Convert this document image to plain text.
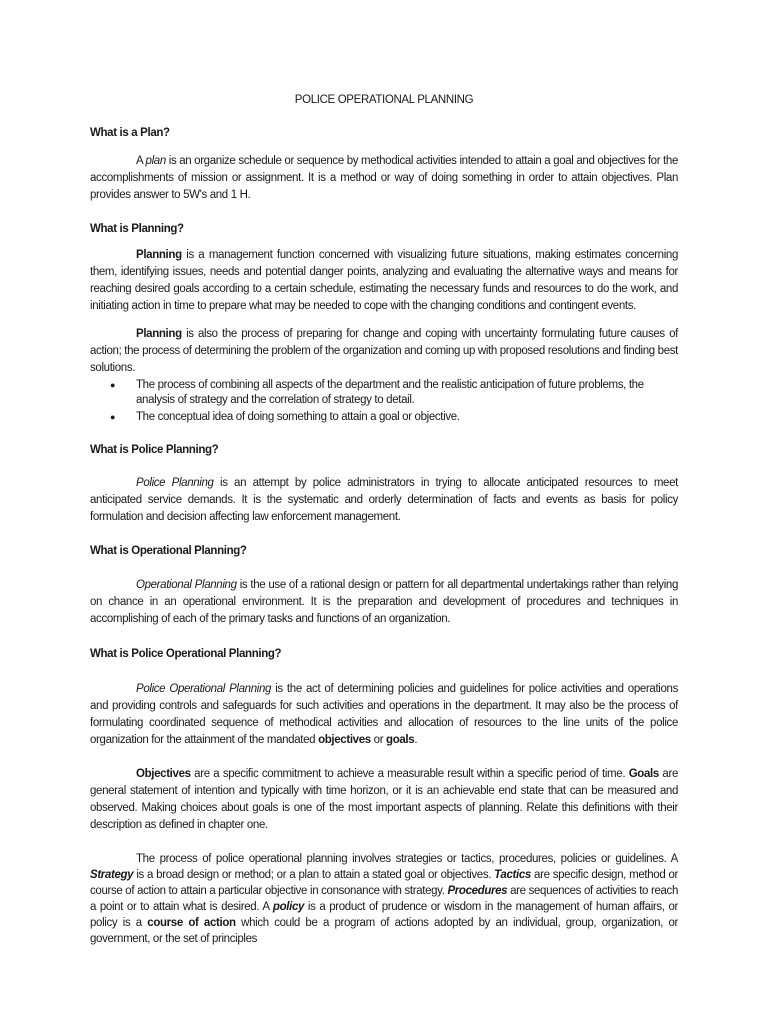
POLICE OPERATIONAL PLANNING
What is a Plan?
A plan is an organize schedule or sequence by methodical activities intended to attain a goal and objectives for the accomplishments of mission or assignment. It is a method or way of doing something in order to attain objectives. Plan provides answer to 5W's and 1 H.
What is Planning?
Planning is a management function concerned with visualizing future situations, making estimates concerning them, identifying issues, needs and potential danger points, analyzing and evaluating the alternative ways and means for reaching desired goals according to a certain schedule, estimating the necessary funds and resources to do the work, and initiating action in time to prepare what may be needed to cope with the changing conditions and contingent events.
Planning is also the process of preparing for change and coping with uncertainty formulating future causes of action; the process of determining the problem of the organization and coming up with proposed resolutions and finding best solutions.
● The process of combining all aspects of the department and the realistic anticipation of future problems, the analysis of strategy and the correlation of strategy to detail.
● The conceptual idea of doing something to attain a goal or objective.
What is Police Planning?
Police Planning is an attempt by police administrators in trying to allocate anticipated resources to meet anticipated service demands. It is the systematic and orderly determination of facts and events as basis for policy formulation and decision affecting law enforcement management.
What is Operational Planning?
Operational Planning is the use of a rational design or pattern for all departmental undertakings rather than relying on chance in an operational environment. It is the preparation and development of procedures and techniques in accomplishing of each of the primary tasks and functions of an organization.
What is Police Operational Planning?
Police Operational Planning is the act of determining policies and guidelines for police activities and operations and providing controls and safeguards for such activities and operations in the department. It may also be the process of formulating coordinated sequence of methodical activities and allocation of resources to the line units of the police organization for the attainment of the mandated objectives or goals.
Objectives are a specific commitment to achieve a measurable result within a specific period of time. Goals are general statement of intention and typically with time horizon, or it is an achievable end state that can be measured and observed. Making choices about goals is one of the most important aspects of planning. Relate this definitions with their description as defined in chapter one.
The process of police operational planning involves strategies or tactics, procedures, policies or guidelines. A Strategy is a broad design or method; or a plan to attain a stated goal or objectives. Tactics are specific design, method or course of action to attain a particular objective in consonance with strategy. Procedures are sequences of activities to reach a point or to attain what is desired. A policy is a product of prudence or wisdom in the management of human affairs, or policy is a course of action which could be a program of actions adopted by an individual, group, organization, or government, or the set of principles
